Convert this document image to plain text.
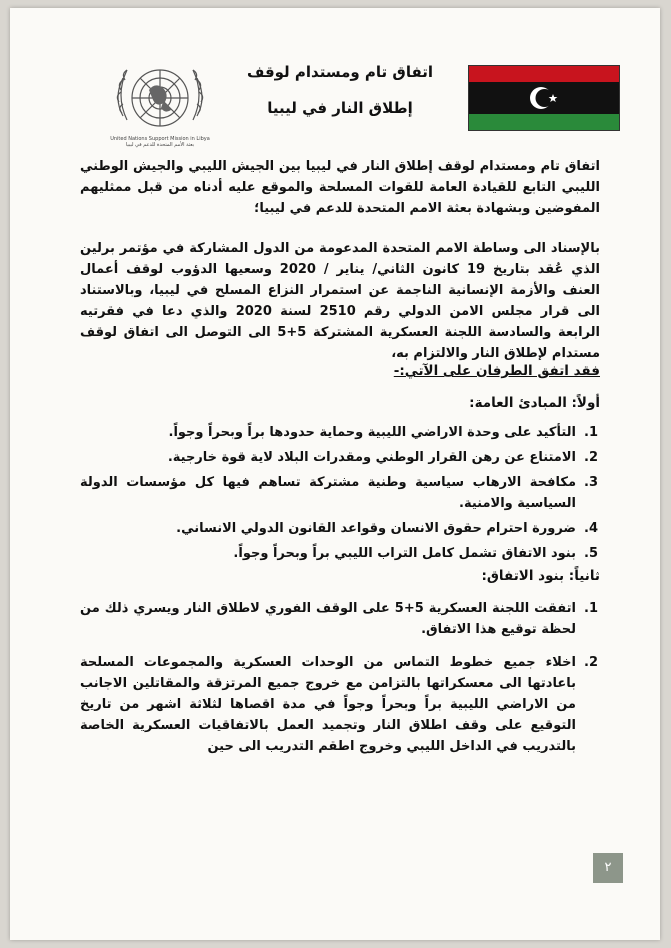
United Nations Support Mission in Libya
بعثة الأمم المتحدة للدعم في ليبيا
اتفاق تام ومستدام لوقف
إطلاق النار في ليبيا
اتفاق تام ومستدام لوقف إطلاق النار في ليبيا بين الجيش الليبي والجيش الوطني الليبي التابع للقيادة العامة للقوات المسلحة والموقع عليه أدناه من قبل ممثليهم المفوضين وبشهادة بعثة الامم المتحدة للدعم في ليبيا؛
بالإسناد الى وساطة الامم المتحدة المدعومة من الدول المشاركة في مؤتمر برلين الذي عُقد بتاريخ 19 كانون الثاني/ يناير / 2020 وسعيها الدؤوب لوقف أعمال العنف والأزمة الإنسانية الناجمة عن استمرار النزاع المسلح في ليبيا، وبالاستناد الى قرار مجلس الامن الدولي رقم 2510 لسنة 2020 والذي دعا في فقرتيه الرابعة والسادسة اللجنة العسكرية المشتركة 5+5 الى التوصل الى اتفاق لوقف مستدام لإطلاق النار والالتزام به،
فقد اتفق الطرفان على الآتي:-
أولاً: المبادئ العامة:
1.
التأكيد على وحدة الاراضي الليبية وحماية حدودها براً وبحراً وجواً.
2.
الامتناع عن رهن القرار الوطني ومقدرات البلاد لاية قوة خارجية.
3.
مكافحة الارهاب سياسية وطنية مشتركة تساهم فيها كل مؤسسات الدولة السياسية والامنية.
4.
ضرورة احترام حقوق الانسان وقواعد القانون الدولي الانساني.
5.
بنود الاتفاق تشمل كامل التراب الليبي براً وبحراً وجواً.
ثانياً: بنود الاتفاق:
1.
اتفقت اللجنة العسكرية 5+5 على الوقف الفوري لاطلاق النار ويسري ذلك من لحظة توقيع هذا الاتفاق.
2.
اخلاء جميع خطوط التماس من الوحدات العسكرية والمجموعات المسلحة باعادتها الى معسكراتها بالتزامن مع خروج جميع المرتزقة والمقاتلين الاجانب من الاراضي الليبية براً وبحراً وجواً في مدة اقصاها لثلاثة اشهر من تاريخ التوقيع على وقف اطلاق النار وتجميد العمل بالاتفاقيات العسكرية الخاصة بالتدريب في الداخل الليبي وخروج اطقم التدريب الى حين
٢
